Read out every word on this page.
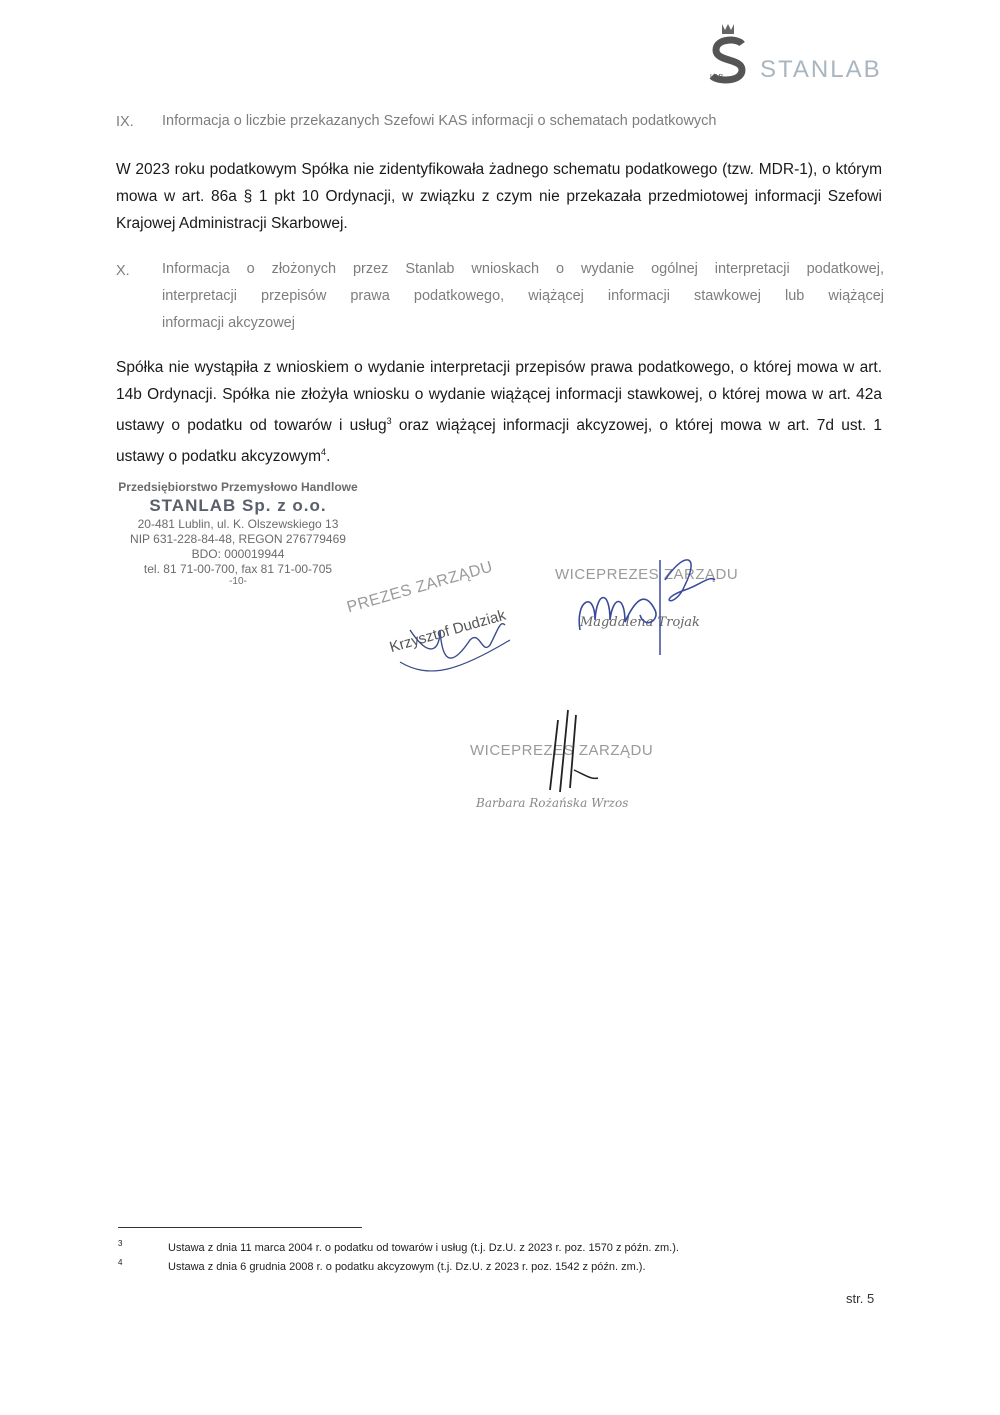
LAB STANLAB
IX. Informacja o liczbie przekazanych Szefowi KAS informacji o schematach podatkowych

W 2023 roku podatkowym Spółka nie zidentyfikowała żadnego schematu podatkowego (tzw. MDR-1), o którym mowa w art. 86a § 1 pkt 10 Ordynacji, w związku z czym nie przekazała przedmiotowej informacji Szefowi Krajowej Administracji Skarbowej.

X. Informacja o złożonych przez Stanlab wnioskach o wydanie ogólnej interpretacji podatkowej,
interpretacji przepisów prawa podatkowego, wiążącej informacji stawkowej lub wiążącej
informacji akcyzowej

Spółka nie wystąpiła z wnioskiem o wydanie interpretacji przepisów prawa podatkowego, o której mowa w art. 14b Ordynacji. Spółka nie złożyła wniosku o wydanie wiążącej informacji stawkowej, o której mowa w art. 42a ustawy o podatku od towarów i usług$^3$ oraz wiążącej informacji akcyzowej, o której mowa w art. 7d ust. 1 ustawy o podatku akcyzowym$^4$.

Przedsiębiorstwo Przemysłowo Handlowe
STANLAB Sp. z o.o.
20-481 Lublin, ul. K. Olszewskiego 13
NIP 631-228-84-48, REGON 276779469
BDO: 000019944
tel. 81 71-00-700, fax 81 71-00-705
-10-	PREZES ZARZĄDU
Krzysztof Dudziak
WICEPREZES ZARZĄDU
Magdalena Trojak
WICEPREZES ZARZĄDU
Barbara Rożańska Wrzos
3	Ustawa z dnia 11 marca 2004 r. o podatku od towarów i usług (t.j. Dz.U. z 2023 r. poz. 1570 z późn. zm.).
4	Ustawa z dnia 6 grudnia 2008 r. o podatku akcyzowym (t.j. Dz.U. z 2023 r. poz. 1542 z późn. zm.).
str. 5
